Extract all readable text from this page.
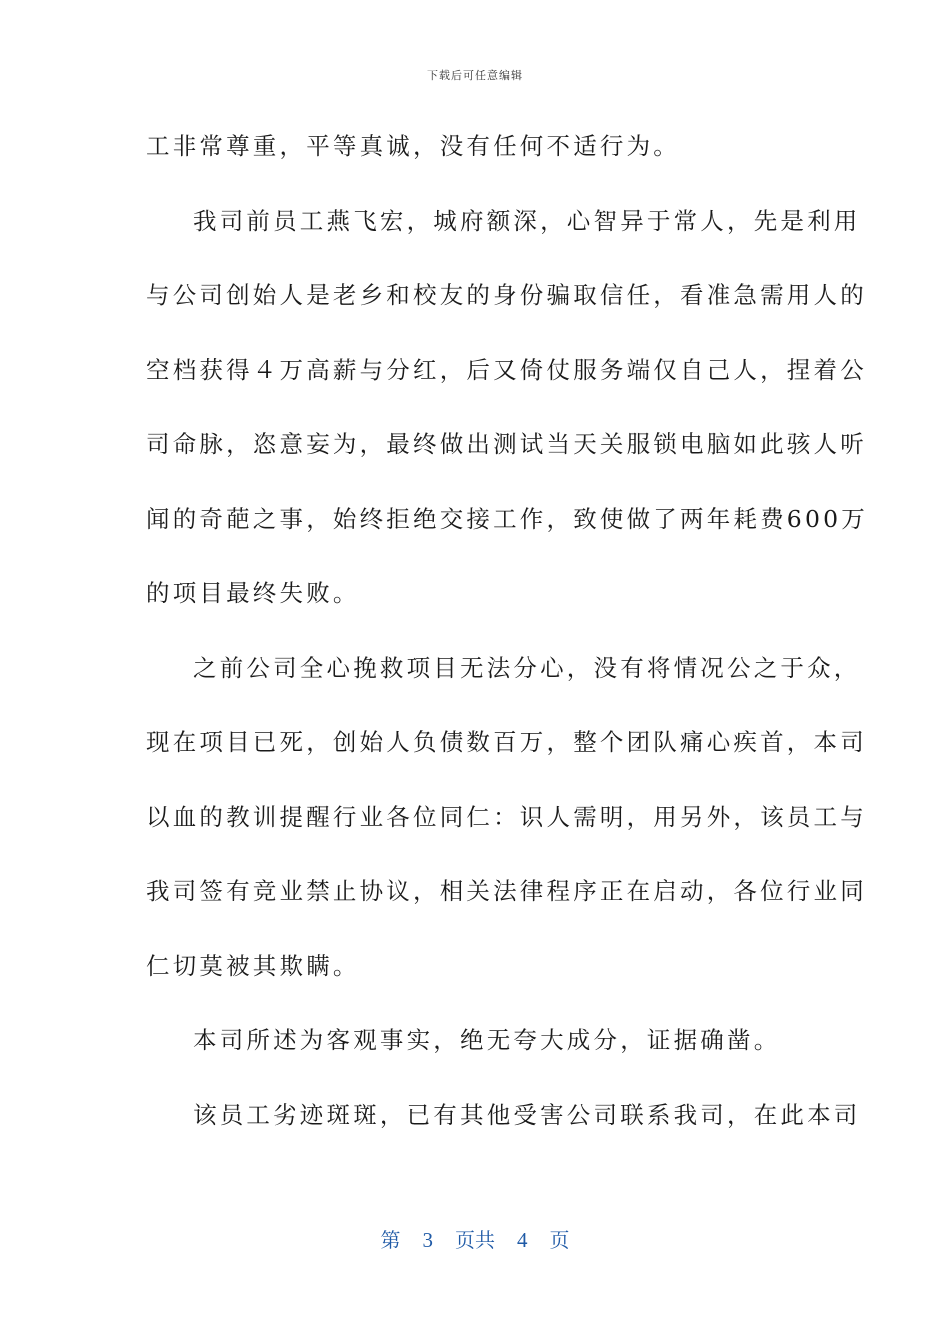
下载后可任意编辑
工非常尊重，平等真诚，没有任何不适行为。
我司前员工燕飞宏，城府额深，心智异于常人，先是利用
与公司创始人是老乡和校友的身份骗取信任，看准急需用人的
空档获得４万高薪与分红，后又倚仗服务端仅自己人，捏着公
司命脉，恣意妄为，最终做出测试当天关服锁电脑如此骇人听
闻的奇葩之事，始终拒绝交接工作，致使做了两年耗费600万
的项目最终失败。
之前公司全心挽救项目无法分心，没有将情况公之于众，
现在项目已死，创始人负债数百万，整个团队痛心疾首，本司
以血的教训提醒行业各位同仁：识人需明，用另外，该员工与
我司签有竞业禁止协议，相关法律程序正在启动，各位行业同
仁切莫被其欺瞒。
本司所述为客观事实，绝无夸大成分，证据确凿。
该员工劣迹斑斑，已有其他受害公司联系我司，在此本司
第 3 页共 4 页
